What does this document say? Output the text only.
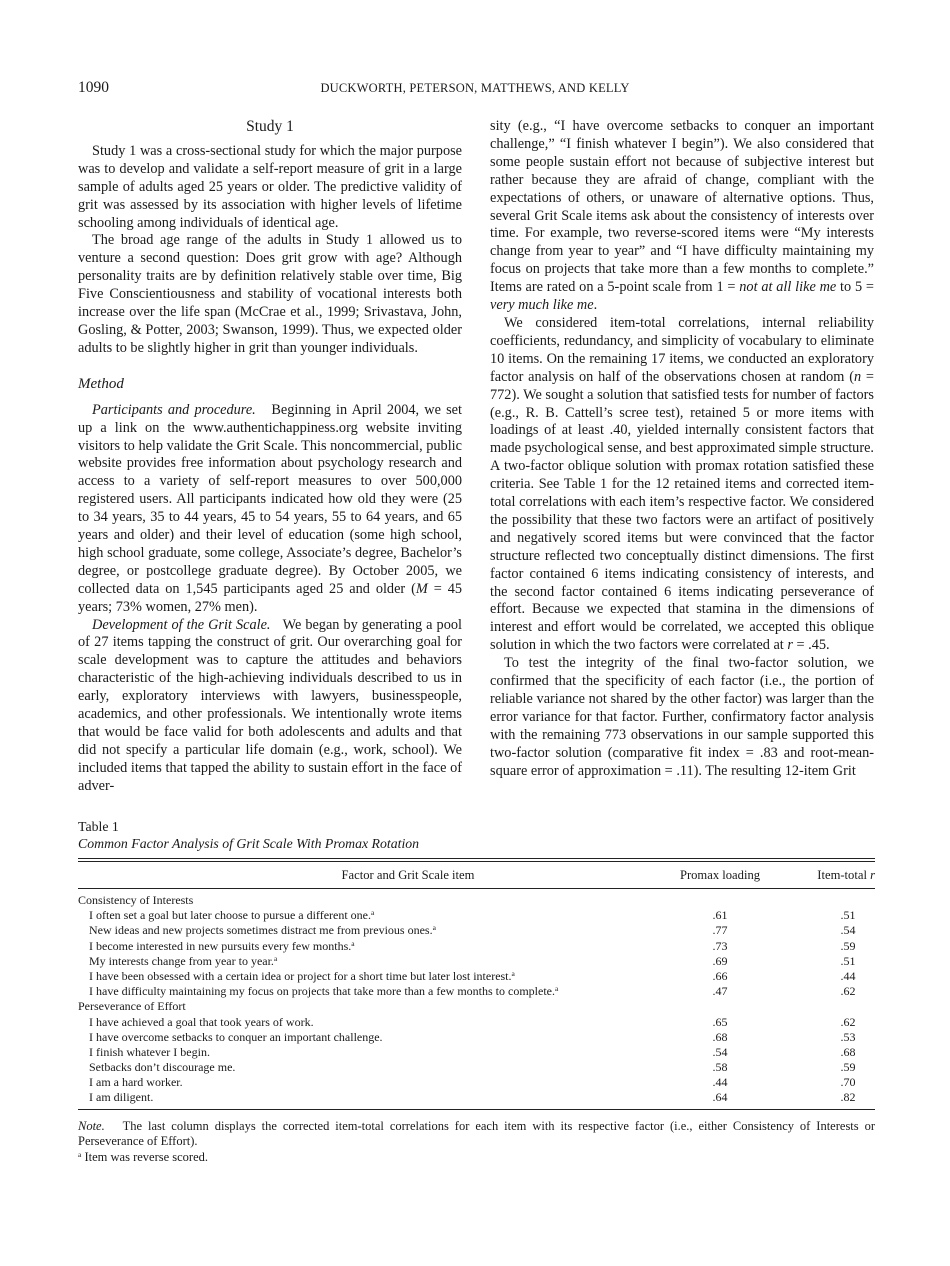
1090	DUCKWORTH, PETERSON, MATTHEWS, AND KELLY
Study 1

Study 1 was a cross-sectional study for which the major purpose was to develop and validate a self-report measure of grit in a large sample of adults aged 25 years or older. The predictive validity of grit was assessed by its association with higher levels of lifetime schooling among individuals of identical age.

The broad age range of the adults in Study 1 allowed us to venture a second question: Does grit grow with age? Although personality traits are by definition relatively stable over time, Big Five Conscientiousness and stability of vocational interests both increase over the life span (McCrae et al., 1999; Srivastava, John, Gosling, & Potter, 2003; Swanson, 1999). Thus, we expected older adults to be slightly higher in grit than younger individuals.

Method

Participants and procedure. Beginning in April 2004, we set up a link on the www.authentichappiness.org website inviting visitors to help validate the Grit Scale. This noncommercial, public website provides free information about psychology research and access to a variety of self-report measures to over 500,000 registered users. All participants indicated how old they were (25 to 34 years, 35 to 44 years, 45 to 54 years, 55 to 64 years, and 65 years and older) and their level of education (some high school, high school graduate, some college, Associate’s degree, Bachelor’s degree, or postcollege graduate degree). By October 2005, we collected data on 1,545 participants aged 25 and older (M = 45 years; 73% women, 27% men).

Development of the Grit Scale. We began by generating a pool of 27 items tapping the construct of grit. Our overarching goal for scale development was to capture the attitudes and behaviors characteristic of the high-achieving individuals described to us in early, exploratory interviews with lawyers, businesspeople, academics, and other professionals. We intentionally wrote items that would be face valid for both adolescents and adults and that did not specify a particular life domain (e.g., work, school). We included items that tapped the ability to sustain effort in the face of adver-

sity (e.g., “I have overcome setbacks to conquer an important challenge,” “I finish whatever I begin”). We also considered that some people sustain effort not because of subjective interest but rather because they are afraid of change, compliant with the expectations of others, or unaware of alternative options. Thus, several Grit Scale items ask about the consistency of interests over time. For example, two reverse-scored items were “My interests change from year to year” and “I have difficulty maintaining my focus on projects that take more than a few months to complete.” Items are rated on a 5-point scale from 1 = not at all like me to 5 = very much like me.

We considered item-total correlations, internal reliability coefficients, redundancy, and simplicity of vocabulary to eliminate 10 items. On the remaining 17 items, we conducted an exploratory factor analysis on half of the observations chosen at random (n = 772). We sought a solution that satisfied tests for number of factors (e.g., R. B. Cattell’s scree test), retained 5 or more items with loadings of at least .40, yielded internally consistent factors that made psychological sense, and best approximated simple structure. A two-factor oblique solution with promax rotation satisfied these criteria. See Table 1 for the 12 retained items and corrected item-total correlations with each item’s respective factor. We considered the possibility that these two factors were an artifact of positively and negatively scored items but were convinced that the factor structure reflected two conceptually distinct dimensions. The first factor contained 6 items indicating consistency of interests, and the second factor contained 6 items indicating perseverance of effort. Because we expected that stamina in the dimensions of interest and effort would be correlated, we accepted this oblique solution in which the two factors were correlated at r = .45.

To test the integrity of the final two-factor solution, we confirmed that the specificity of each factor (i.e., the portion of reliable variance not shared by the other factor) was larger than the error variance for that factor. Further, confirmatory factor analysis with the remaining 773 observations in our sample supported this two-factor solution (comparative fit index = .83 and root-mean-square error of approximation = .11). The resulting 12-item Grit

Table 1
Common Factor Analysis of Grit Scale With Promax Rotation
Factor and Grit Scale item	Promax loading	Item-total r
Consistency of Interests
I often set a goal but later choose to pursue a different one.$^a$	.61	.51
New ideas and new projects sometimes distract me from previous ones.$^a$	.77	.54
I become interested in new pursuits every few months.$^a$	.73	.59
My interests change from year to year.$^a$	.69	.51
I have been obsessed with a certain idea or project for a short time but later lost interest.$^a$	.66	.44
I have difficulty maintaining my focus on projects that take more than a few months to complete.$^a$	.47	.62
Perseverance of Effort
I have achieved a goal that took years of work.	.65	.62
I have overcome setbacks to conquer an important challenge.	.68	.53
I finish whatever I begin.	.54	.68
Setbacks don’t discourage me.	.58	.59
I am a hard worker.	.44	.70
I am diligent.	.64	.82
Note. The last column displays the corrected item-total correlations for each item with its respective factor (i.e., either Consistency of Interests or Perseverance of Effort).
$^a$ Item was reverse scored.
